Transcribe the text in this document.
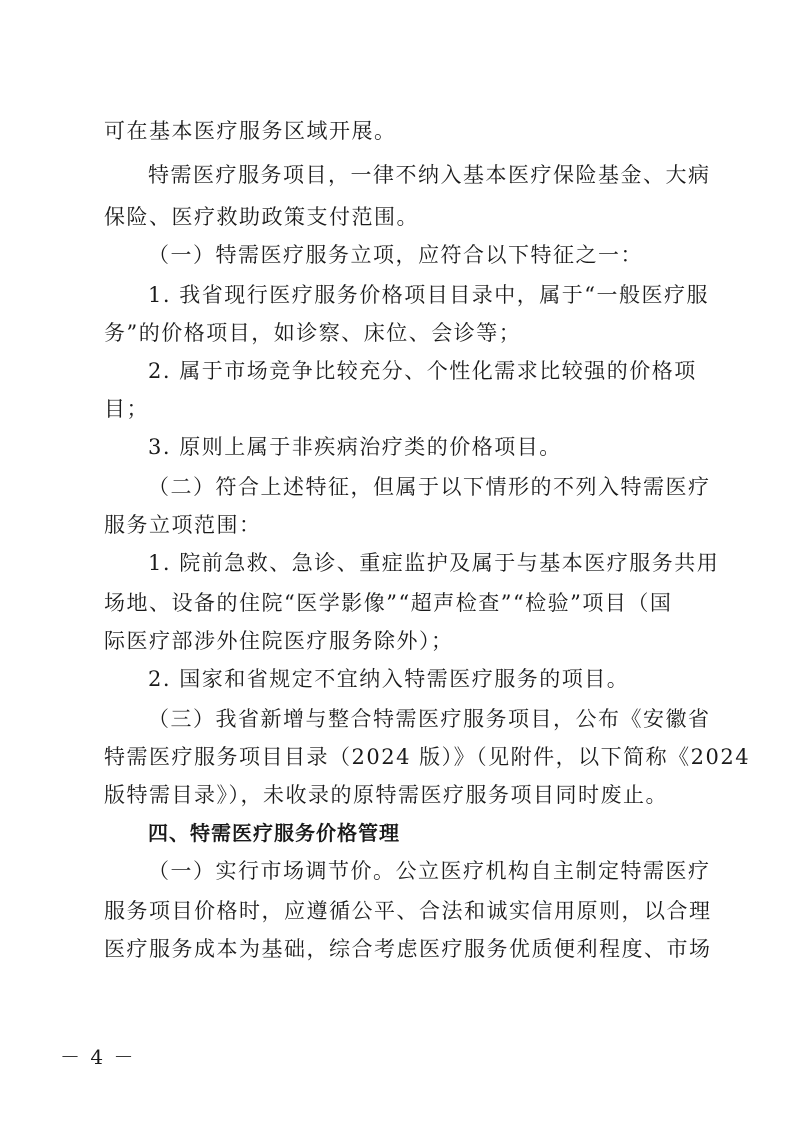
可在基本医疗服务区域开展。
特需医疗服务项目，一律不纳入基本医疗保险基金、大病
保险、医疗救助政策支付范围。
（一）特需医疗服务立项，应符合以下特征之一：
1. 我省现行医疗服务价格项目目录中，属于“一般医疗服
务”的价格项目，如诊察、床位、会诊等；
2. 属于市场竞争比较充分、个性化需求比较强的价格项
目；
3. 原则上属于非疾病治疗类的价格项目。
（二）符合上述特征，但属于以下情形的不列入特需医疗
服务立项范围：
1. 院前急救、急诊、重症监护及属于与基本医疗服务共用
场地、设备的住院“医学影像”“超声检查”“检验”项目（国
际医疗部涉外住院医疗服务除外）；
2. 国家和省规定不宜纳入特需医疗服务的项目。
（三）我省新增与整合特需医疗服务项目，公布《安徽省
特需医疗服务项目目录（2024 版）》（见附件，以下简称《2024
版特需目录》），未收录的原特需医疗服务项目同时废止。
四、特需医疗服务价格管理
（一）实行市场调节价。公立医疗机构自主制定特需医疗
服务项目价格时，应遵循公平、合法和诚实信用原则，以合理
医疗服务成本为基础，综合考虑医疗服务优质便利程度、市场
－ 4 －
